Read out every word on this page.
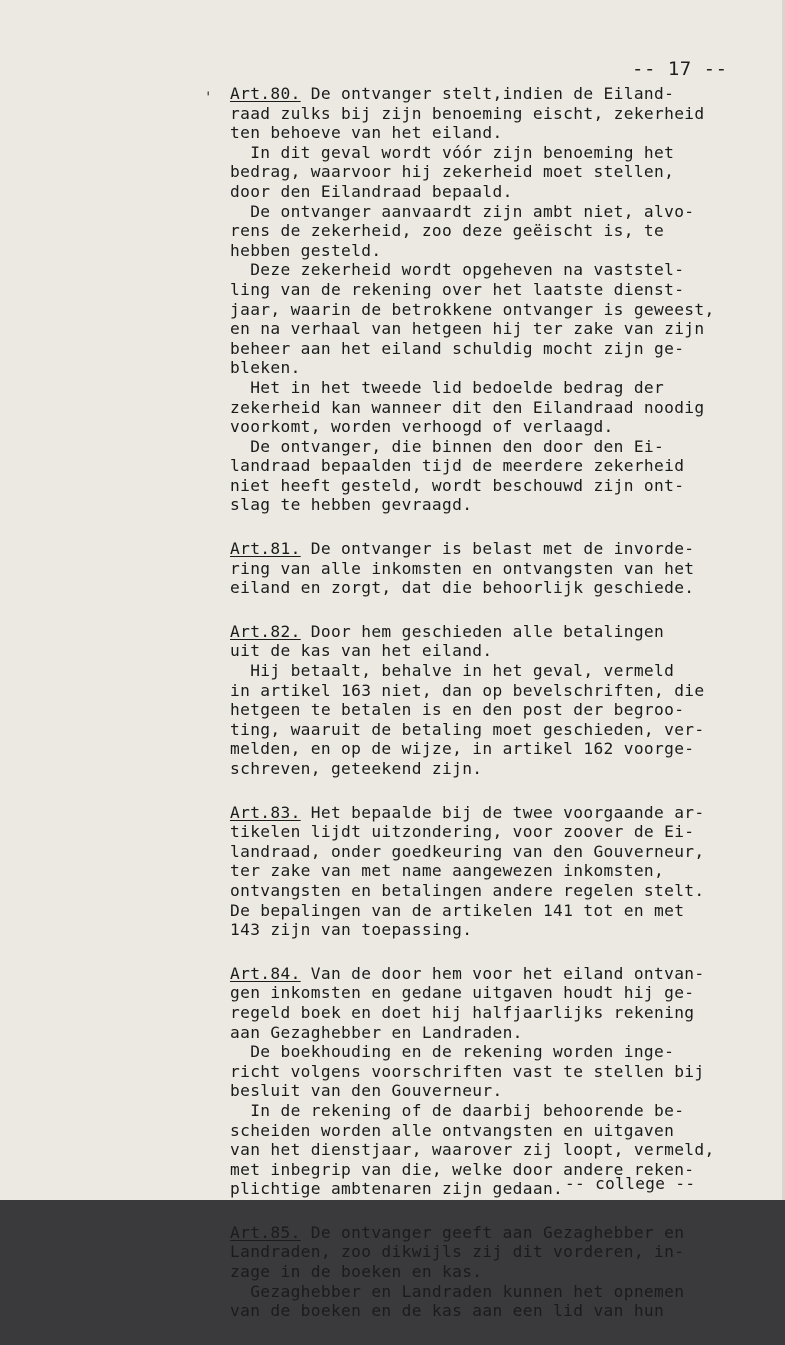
-- 17 --
' Art.80. De ontvanger stelt,indien de Eiland-
raad zulks bij zijn benoeming eischt, zekerheid
ten behoeve van het eiland.
In dit geval wordt vóór zijn benoeming het
bedrag, waarvoor hij zekerheid moet stellen,
door den Eilandraad bepaald.
De ontvanger aanvaardt zijn ambt niet, alvo-
rens de zekerheid, zoo deze geëischt is, te
hebben gesteld.
Deze zekerheid wordt opgeheven na vaststel-
ling van de rekening over het laatste dienst-
jaar, waarin de betrokkene ontvanger is geweest,
en na verhaal van hetgeen hij ter zake van zijn
beheer aan het eiland schuldig mocht zijn ge-
bleken.
Het in het tweede lid bedoelde bedrag der
zekerheid kan wanneer dit den Eilandraad noodig
voorkomt, worden verhoogd of verlaagd.
De ontvanger, die binnen den door den Ei-
landraad bepaalden tijd de meerdere zekerheid
niet heeft gesteld, wordt beschouwd zijn ont-
slag te hebben gevraagd.
Art.81. De ontvanger is belast met de invorde-
ring van alle inkomsten en ontvangsten van het
eiland en zorgt, dat die behoorlijk geschiede.
Art.82. Door hem geschieden alle betalingen
uit de kas van het eiland.
Hij betaalt, behalve in het geval, vermeld
in artikel 163 niet, dan op bevelschriften, die
hetgeen te betalen is en den post der begroo-
ting, waaruit de betaling moet geschieden, ver-
melden, en op de wijze, in artikel 162 voorge-
schreven, geteekend zijn.
Art.83. Het bepaalde bij de twee voorgaande ar-
tikelen lijdt uitzondering, voor zoover de Ei-
landraad, onder goedkeuring van den Gouverneur,
ter zake van met name aangewezen inkomsten,
ontvangsten en betalingen andere regelen stelt.
De bepalingen van de artikelen 141 tot en met
143 zijn van toepassing.
Art.84. Van de door hem voor het eiland ontvan-
gen inkomsten en gedane uitgaven houdt hij ge-
regeld boek en doet hij halfjaarlijks rekening
aan Gezaghebber en Landraden.
De boekhouding en de rekening worden inge-
richt volgens voorschriften vast te stellen bij
besluit van den Gouverneur.
In de rekening of de daarbij behoorende be-
scheiden worden alle ontvangsten en uitgaven
van het dienstjaar, waarover zij loopt, vermeld,
met inbegrip van die, welke door andere reken-
plichtige ambtenaren zijn gedaan.
Art.85. De ontvanger geeft aan Gezaghebber en
Landraden, zoo dikwijls zij dit vorderen, in-
zage in de boeken en kas.
Gezaghebber en Landraden kunnen het opnemen
van de boeken en de kas aan een lid van hun
-- college --
